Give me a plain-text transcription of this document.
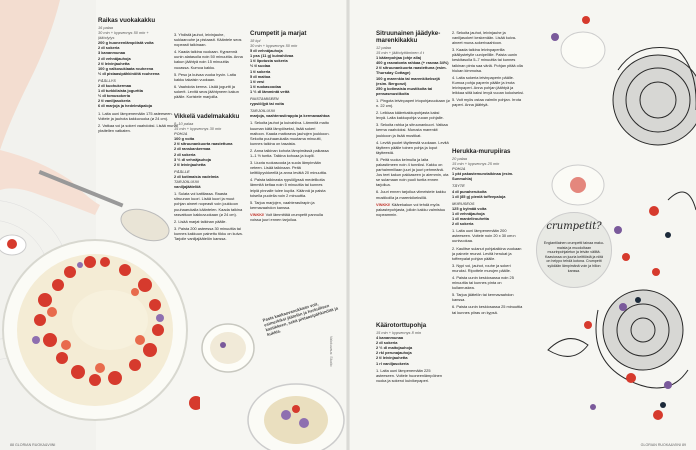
Raikas vuokakakku
16 palaa
30 min + kypsennys 50 min +
jäähdytys

200 g huoneenlämpöistä voita
2 dl sokeria
3 kananmunaa
2 dl vehnäjauhoja
2 tl leivinjauhetta
100 g valkosuklaata rouheena
½ dl pistaasipähkinöitä rouheena

PÄÄLLYS

2 dl kuohukermaa
1 dl turkkilaista jogurttia
½ dl tomusokeria
2 tl vaniljasokeria
6 dl marjoja ja hedelmäpaloja

1. Laita uuni lämpenemään 175 asteeseen. Voitele ja jauhota kakkuvuoka (ø 24 cm).

2. Vatkaa voi ja sokeri vaahdoksi. Lisää munat yksitellen vatkaten.

3. Yhdistä jauhot, leivinjauhe, suklaarouhe ja pistaasit. Kääntele seos nopeasti taikinaan.

4. Kaada taikina vuokaan. Kypsennä uunin alatasolla noin 50 minuuttia. Anna kakun jäähtyä noin 15 minuuttia vuoassa. Kumoa kakku.

5. Peso ja kuivaa vuoka hyvin. Laita kakku takaisin vuokaan.

6. Vaahdota kerma. Lisää jogurtti ja sokerit. Levitä seos jäähtyneen kakun päälle. Koristele marjoilla.

Vikkelä vadelmakakku
8–10 palaa
15 min + kypsennys 30 min
POHJA

100 g voita
2 tl sitruunankuorta raastettuna
2 dl ranskankermaa
2 dl sokeria
3 ½ dl vehnäjauhoja
2 tl leivinjauhetta

PÄÄLLE

2 dl kotimaisia vadelmia
TARJOILUUN
vaniljajäätelöä

1. Sulata voi kattilassa. Raasta sitruunan kuori. Lisää kuori ja muut pohjan aineet nopeasti voin joukkoon puuhaarukalla kääntelen. Kaada taikina rasvattuun kakkuvuokaan (ø 24 cm).

2. Lisää marjat taikinan päälle.

3. Paista 200 asteessa 30 minuuttia tai kunnes kakkuun painettu tikku on kuiva. Tarjoile vaniljajäätelön kanssa.

Crumpetit ja marjat
18 kpl
30 min + kypsennys 50 min

5 dl vehnäjauhoja
1 pss (11 g) kuivahiivaa
1 tl lipotusta sokeria
½ tl suolaa
1 tl sokeria
5 dl maitoa
1 tl vesi
1 tl ruokasoodaa
1 ½ dl lämmintä vettä

PAISTAMISEEN

rypsiöljyä tai voita

TARJOILUUN

marjoja, vaahterasiirappia ja kermavaahtoa

1. Sekoita jauhot ja kuivahiiva. Lämmitä maito kuuman kätä lämpöiseksi, lisää sokeri maitoon. Kaada maitoseos jauhojen joukkoon. Sekoita puuhaarukalla muutama minuutti, kunnes taikina on tasaista.

2. Anna taikinan kohota lämpimässä paikassa 1–1 ½ tuntia. Taikina kohoaa ja kuplii.

3. Liuota ruokasooda ja suola lämpimään veteen. Lisää taikinaan. Peitä kelttiöpyvkkeellä ja anna levätä 20 minuuttia.

4. Paista taikinasta rypsiöljyssä medelikotia lämmitä keltaa noin 5 minuuttia tai kunnes leipiä pinnalle tulee kuplia. Käännä ja paista toisella puolella noin 2 minuuttia.

5. Tarjoa marjojen, vaahterasiirapin ja kermavaahdon kanssa.

VINKKI! Voit lämmittää crumpetit pannulla voissa juuri ennen tarjoilua.

Pasta kaakaovanukkaan voit, esimerkiksi jäätelön ja herkullisen kastikkeen, sekä pistaasipähkinöitä ja kukkia.
Valokuvaus: Studio
88 GLORIAN RUOKA&VIINI
Sitruunainen jäädyke-marenkikakku
12 palaa
15 min + jäähdyttäminen 4 t

1 käärepohjaa (ohje alla)
400 g rasvatonta rahkaa (+ rasvaa 34%)
2 tl sitruunankuorta raastettuna (esim. Thursday Cottage)
100 g marenkia tai marenkikeksejä (esim. Bergonzi)
250 g kotimaisia mustikoita tai pensasmustikoita

1. Pingota leivinpaperi irtopohjavuokaan (ø n. 22 cm).

2. Leikkaa käärekakkupohjasta kaksi levyä. Laita kakkupohja vuoan pohjalle.

3. Sekoita rahka ja sitruunankuori. Vatkaa kerma vaahdoksi. Murusta marenkit joukkoon ja lisää mustikat.

4. Levitä puolet täytteestä vuokaan. Levitä täytteen päälle toinen pohja ja loput täytteestä.

5. Peitä vuoka kelmulla ja laita pakastimeen noin 4 tunniksi. Kakku on parhaimmillaan juuri ja juuri pehmeänä. Jos teet kakun pakkaseen jo aiemmin, ota se sulamaan noin puoli tuntia ennen tarjoilua.

6. Juuri ennen tarjoilua viimeistele kakku mustikoilla ja marenkikeksillä.

VINKKI! Käärekakun voi tehdä myös pakastepohjasta, jolloin kakku valmistuu nopeammin.

Käärotorttupohja
15 min + kypsennys 8 min

4 kananmunaa
2 dl sokeria
2 ½ dl maitojauhoja
2 rkl perunajauhoja
2 tl leivinjauhetta
1 rl vaniljasokeria

1. Laita uuni lämpenemään 225 asteeseen. Voitele huoneenlämpöinen vuoka ja sokeroi kuivikepaperi.

2. Sekoita jauhot, leivinjauhe ja vaniljasokeri keskenään. Lisää kuiva-aineet muna-sokerivaahtoon.

3. Kaada taikina leivinpaperilla päällystetylle uunipellille. Paista uunin keskitasolla 5–7 minuuttia tai kunnes taikinan pinta saa väriä. Pohjan pitää olla hiukan kimmoisa.

4. Laita sokeria leivinpaperin päälle. Kumoa pohja paperin päälle ja irrota leivinpaperi. Anna pohjan jäähtyä ja leikkaa siitä kaksi levyä vuoan kokoiseksi.

5. Voit myös ostaa valmiin pohjan. Irrota paperi. Anna jäähtyä.

Herukka-murupiiras
20 palaa
15 min + kypsennys 25 min
POHJA

1 pkt pakastemurotaikinaa (esim. Sunmuhla)

TÄYTE

4 dl punaherukoita
1 dl (85 g) pieniä toffeepaloja

MURUSEOS

125 g kylmää voita
1 dl vehnäjauhoja
1 dl mantelirouhetta
2 dl sokeria

1. Laita uuni lämpenemään 200 asteeseen. Voitele noin 20 x 30 cm:n uunivuokaa.

2. Kaulitse sulanut pohjataikina vuokaan ja painele reunat. Levitä herukat ja toffeepalat pohjan päälle.

3. Nypi voi, jauhot, rouhe ja sokeri muruksi. Ripottele murujen päälle.

4. Paista uunin keskiosassa noin 25 minuuttia tai kunnes pinta on kullanruskea.

5. Tarjoa jäätelön tai kermavaahdon kanssa.

6. Paista uunin keskiosassa 25 minuuttia tai kunnes piiras on kypsä.

crumpetit?
Englantilainen crumpetti tainaa maku-maista ja muodoltaan muurinpohjaletun ja leivän väliltä. Kaaviossa on juuria keittiöstä ja niitä on helppo tehdä kotona. Crumpetit syödään lämpimänä voin ja hillon kanssa.
GLORIAN RUOKA&VIINI 89
